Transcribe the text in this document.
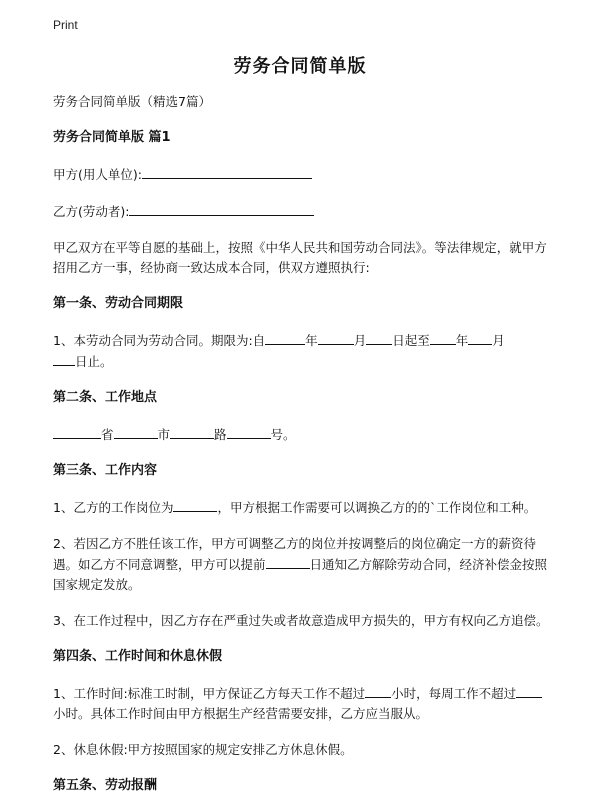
Print
劳务合同简单版

劳务合同简单版（精选7篇）

劳务合同简单版 篇1

甲方(用人单位):

乙方(劳动者):

甲乙双方在平等自愿的基础上，按照《中华人民共和国劳动合同法》。等法律规定，就甲方招用乙方一事，经协商一致达成本合同，供双方遵照执行:

第一条、劳动合同期限

1、本劳动合同为劳动合同。期限为:自	年	月 日起至 年 月
日止。

第二条、工作地点

省	市	路	号。

第三条、工作内容

1、乙方的工作岗位为	，甲方根据工作需要可以调换乙方的的`工作岗位和工种。

2、若因乙方不胜任该工作，甲方可调整乙方的岗位并按调整后的岗位确定一方的薪资待遇。如乙方不同意调整，甲方可以提前	日通知乙方解除劳动合同，经济补偿金按照国家规定发放。

3、在工作过程中，因乙方存在严重过失或者故意造成甲方损失的，甲方有权向乙方追偿。

第四条、工作时间和休息休假

1、工作时间:标准工时制，甲方保证乙方每天工作不超过 小时，每周工作不超过小时。具体工作时间由甲方根据生产经营需要安排，乙方应当服从。

2、休息休假:甲方按照国家的规定安排乙方休息休假。

第五条、劳动报酬
